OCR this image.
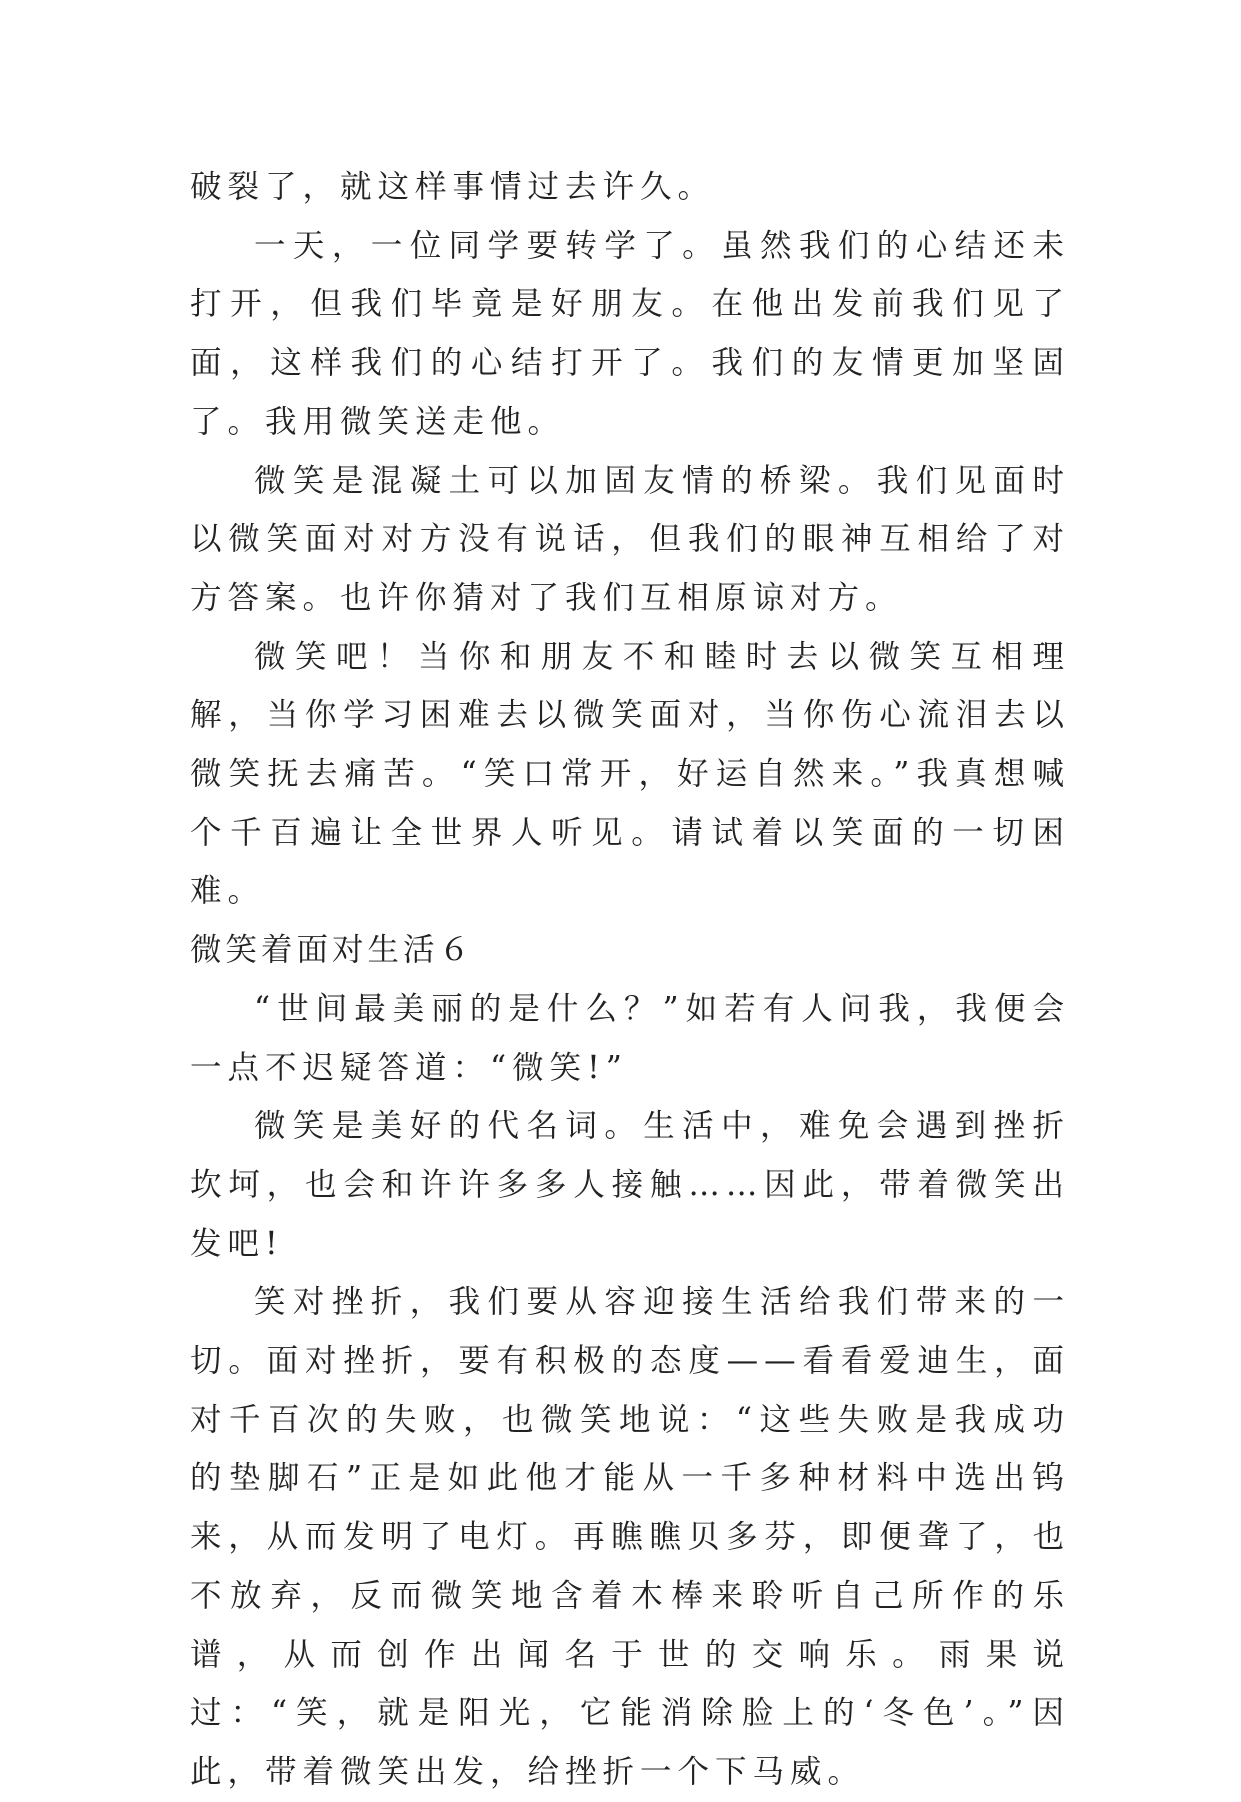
破裂了，就这样事情过去许久。

一天，一位同学要转学了。虽然我们的心结还未打开，但我们毕竟是好朋友。在他出发前我们见了面，这样我们的心结打开了。我们的友情更加坚固了。我用微笑送走他。

微笑是混凝土可以加固友情的桥梁。我们见面时以微笑面对对方没有说话，但我们的眼神互相给了对方答案。也许你猜对了我们互相原谅对方。

微笑吧！当你和朋友不和睦时去以微笑互相理解，当你学习困难去以微笑面对，当你伤心流泪去以微笑抚去痛苦。“笑口常开，好运自然来。”我真想喊个千百遍让全世界人听见。请试着以笑面的一切困难。

微笑着面对生活６

“世间最美丽的是什么？”如若有人问我，我便会一点不迟疑答道：“微笑!”

微笑是美好的代名词。生活中，难免会遇到挫折坎坷，也会和许许多多人接触……因此，带着微笑出发吧!

笑对挫折，我们要从容迎接生活给我们带来的一切。面对挫折，要有积极的态度——看看爱迪生，面对千百次的失败，也微笑地说：“这些失败是我成功的垫脚石”正是如此他才能从一千多种材料中选出钨来，从而发明了电灯。再瞧瞧贝多芬，即便聋了，也不放弃，反而微笑地含着木棒来聆听自己所作的乐谱，从而创作出闻名于世的交响乐。雨果说过：“笑，就是阳光，它能消除脸上的‘冬色’。”因此，带着微笑出发，给挫折一个下马威。
